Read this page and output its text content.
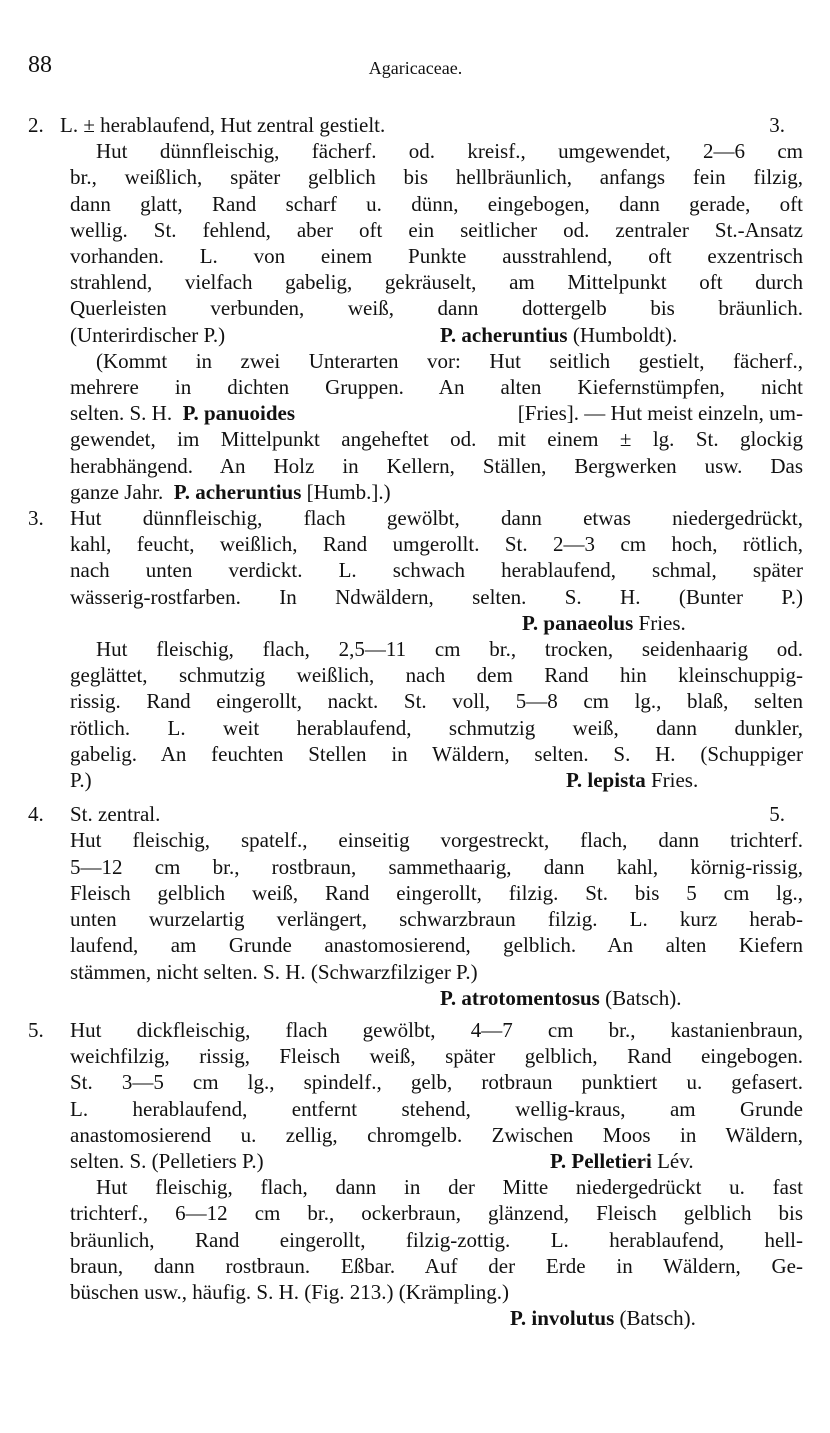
88	Agaricaceae.
2. L. ± herablaufend, Hut zentral gestielt.	3.
Hut dünnfleischig, fächerf. od. kreisf., umgewendet, 2—6 cm
br., weißlich, später gelblich bis hellbräunlich, anfangs fein filzig,
dann glatt, Rand scharf u. dünn, eingebogen, dann gerade, oft
wellig. St. fehlend, aber oft ein seitlicher od. zentraler St.-Ansatz
vorhanden. L. von einem Punkte ausstrahlend, oft exzentrisch
strahlend, vielfach gabelig, gekräuselt, am Mittelpunkt oft durch
Querleisten verbunden, weiß, dann dottergelb bis bräunlich.
(Unterirdischer P.)	P. acheruntius
(Humboldt).
(Kommt in zwei Unterarten vor: Hut seitlich gestielt, fächerf.,
mehrere in dichten Gruppen. An alten Kiefernstümpfen, nicht
selten. S. H. P. panuoides	[Fries]. — Hut meist einzeln, um-
gewendet, im Mittelpunkt angeheftet od. mit einem ± lg. St. glockig
herabhängend. An Holz in Kellern, Ställen, Bergwerken usw. Das
ganze Jahr.
P. acheruntius
[Humb.].)
3.	Hut dünnfleischig, flach gewölbt, dann etwas niedergedrückt,
kahl, feucht, weißlich, Rand umgerollt. St. 2—3 cm hoch, rötlich,
nach unten verdickt. L. schwach herablaufend, schmal, später
wässerig-rostfarben. In Ndwäldern, selten. S. H. (Bunter P.)
P. panaeolus
Fries.
Hut fleischig, flach, 2,5—11 cm br., trocken, seidenhaarig od.
geglättet, schmutzig weißlich, nach dem Rand hin kleinschuppig-
rissig. Rand eingerollt, nackt. St. voll, 5—8 cm lg., blaß, selten
rötlich. L. weit herablaufend, schmutzig weiß, dann dunkler,
gabelig. An feuchten Stellen in Wäldern, selten. S. H. (Schuppiger
P.)	P. lepista
Fries.
4.	St. zentral.	5.
Hut fleischig, spatelf., einseitig vorgestreckt, flach, dann trichterf.
5—12 cm br., rostbraun, sammethaarig, dann kahl, körnig-rissig,
Fleisch gelblich weiß, Rand eingerollt, filzig. St. bis 5 cm lg.,
unten wurzelartig verlängert, schwarzbraun filzig. L. kurz herab-
laufend, am Grunde anastomosierend, gelblich. An alten Kiefern
stämmen, nicht selten. S. H. (Schwarzfilziger P.)
P. atrotomentosus
(Batsch).
5.	Hut dickfleischig, flach gewölbt, 4—7 cm br., kastanienbraun,
weichfilzig, rissig, Fleisch weiß, später gelblich, Rand eingebogen.
St. 3—5 cm lg., spindelf., gelb, rotbraun punktiert u. gefasert.
L. herablaufend, entfernt stehend, wellig-kraus, am Grunde
anastomosierend u. zellig, chromgelb. Zwischen Moos in Wäldern,
selten. S. (Pelletiers P.)	P. Pelletieri
Lév.
Hut fleischig, flach, dann in der Mitte niedergedrückt u. fast
trichterf., 6—12 cm br., ockerbraun, glänzend, Fleisch gelblich bis
bräunlich, Rand eingerollt, filzig-zottig. L. herablaufend, hell-
braun, dann rostbraun. Eßbar. Auf der Erde in Wäldern, Ge-
büschen usw., häufig. S. H. (Fig. 213.) (Krämpling.)
P. involutus
(Batsch).
